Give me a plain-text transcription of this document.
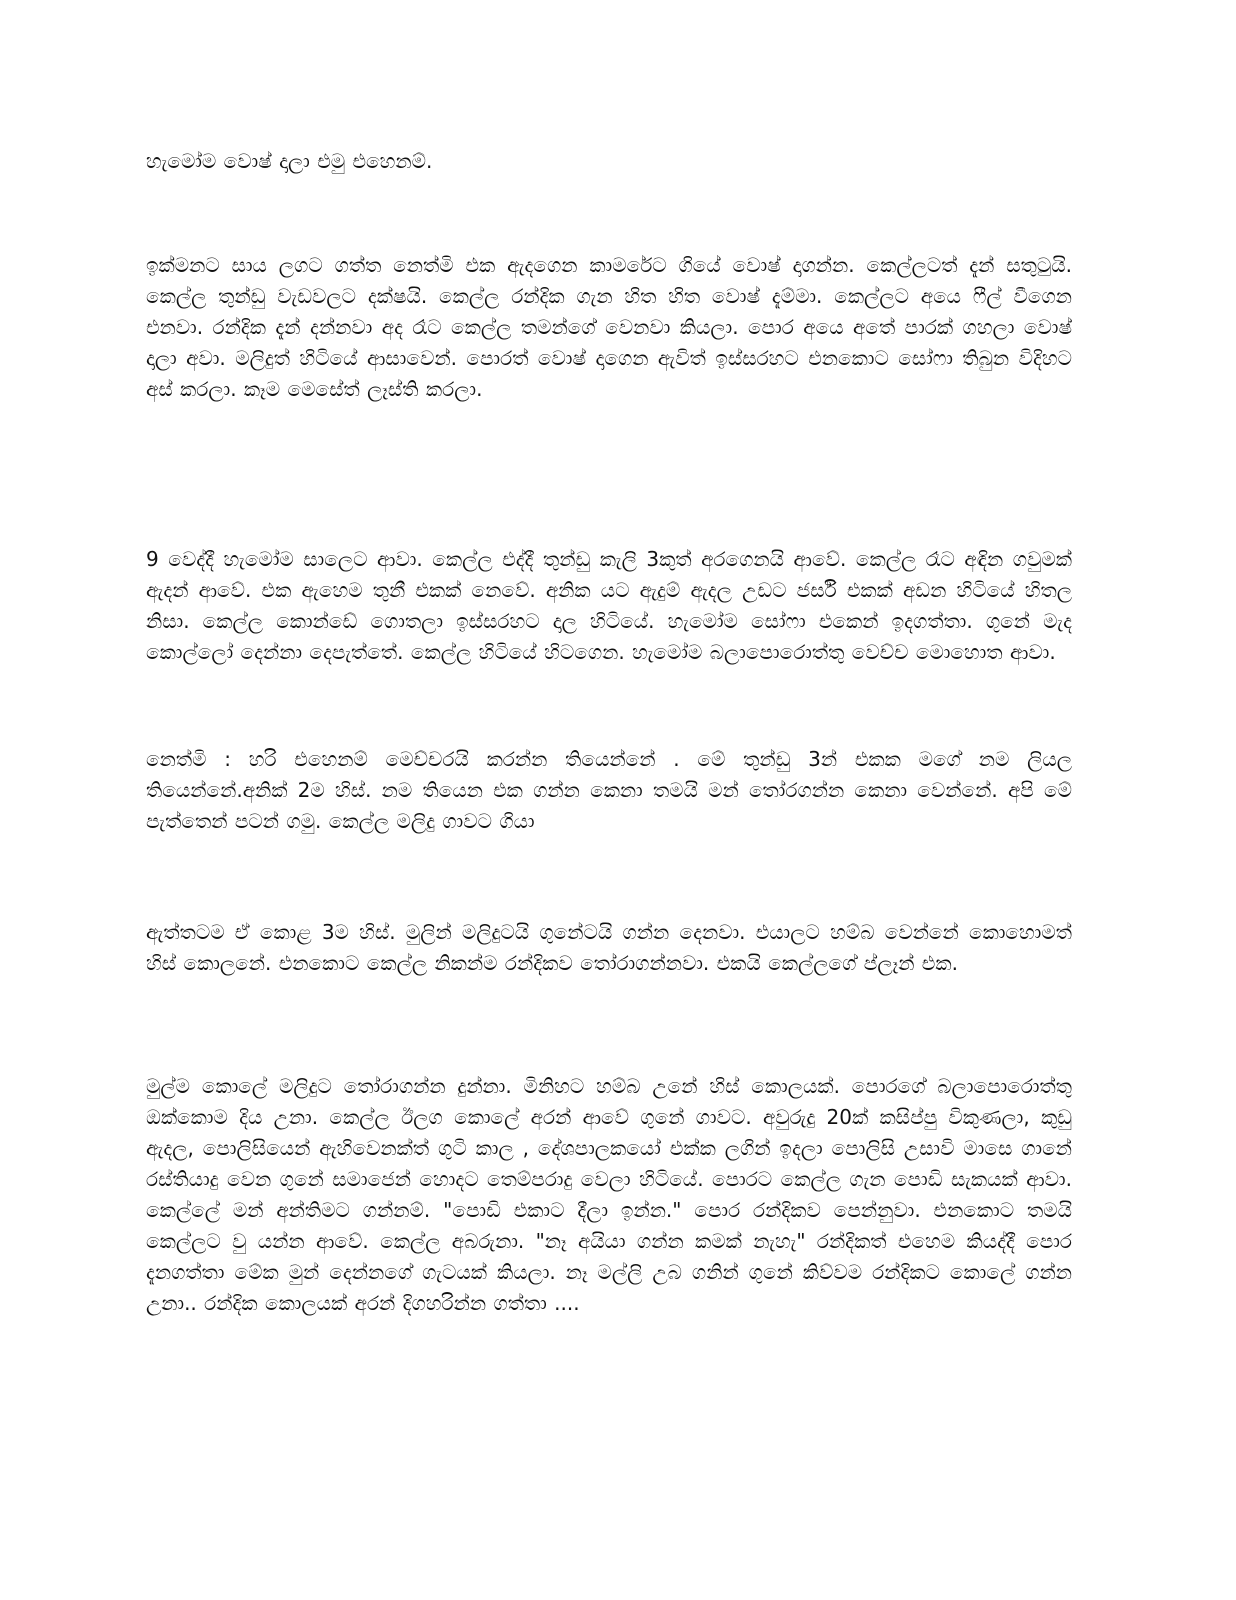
හැමෝම වොෂ් දාලා එමු එහෙනම්.

ඉක්මනට සාය ලගට ගත්ත නෙත්මි එක ඇදගෙන කාමරේට ගියේ වොෂ් දාගන්න. කෙල්ලටත් දැන් සතුටුයි. කෙල්ල තුන්ඩු වැඩවලට දක්ෂයි. කෙල්ල රන්දික ගැන හිත හිත වොෂ් දැම්මා. කෙල්ලට අයෙ ෆීල් වීගෙන එනවා. රන්දික දැන් දන්නවා අද රෑට කෙල්ල තමන්ගේ වෙනවා කියලා. පොර අයෙ අතේ පාරක් ගහලා වොෂ් දාලා අවා. මලිදුත් හිටියේ ආසාවෙන්. පොරත් වොෂ් දාගෙන ඇවිත් ඉස්සරහට එනකොට සෝෆා තිබුන විදිහට අස් කරලා. කෑම මෙසේත් ලෑස්ති කරලා.

9 වෙද්දී හැමෝම සාලෙට ආවා. කෙල්ල එද්දී තුන්ඩු කැලි 3කුත් අරගෙනයි ආවේ. කෙල්ල රෑට අඳින ගවුමක් ඇදන් ආවේ. එක ඇහෙම තුනී එකක් නෙවේ. අනික යට ඇදුම් ඇදල උඩට ජර්සි එකක් අඩන හිටියේ හිතල නිසා. කෙල්ල කොන්ඩේ ගොතලා ඉස්සරහට දාල හිටියේ. හැමෝම සෝෆා එකෙන් ඉදගත්තා. ගුනේ මැද කොල්ලෝ දෙන්නා දෙපැත්තේ. කෙල්ල හිටියේ හිටගෙන. හැමෝම බලාපොරොත්තු වෙච්ච මොහොත ආවා.

නෙත්මි : හරි එහෙනම් මෙච්චරයි කරන්න තියෙන්නේ . මේ තුන්ඩු 3න් එකක මගේ නම ලියල තියෙන්නේ.අනික් 2ම හිස්. නම තියෙන එක ගන්න කෙනා තමයි මන් තෝරගන්න කෙනා වෙන්නේ. අපි මේ පැත්තෙන් පටන් ගමු. කෙල්ල මලිදු ගාවට ගියා

ඇත්තටම ඒ කොළ 3ම හිස්. මුලින් මලිදුටයි ගුනේටයි ගන්න දෙනවා. එයාලට හම්බ වෙන්නේ කොහොමත් හිස් කොලනේ. එනකොට කෙල්ල නිකන්ම රන්දිකව තෝරාගන්නවා. එකයි කෙල්ලගේ ප්ලෑන් එක.

මුල්ම කොලේ මලිදුට තෝරාගන්න දුන්නා. මිනිහට හම්බ උනේ හිස් කොලයක්. පොරගේ බලාපොරොත්තු ඔක්කොම දිය උනා. කෙල්ල ඊලග කොලේ අරන් ආවේ ගුනේ ගාවට. අවුරුදු 20ක් කසිප්පු විකුණලා, කුඩු ඇදල, පොලිසියෙන් ඇහිවෙනක්ත් ගුටි කාල , දේශපාලකයෝ එක්ක ලගින් ඉදලා පොලිසි උසාවි මාසෙ ගානේ රස්තියාදු වෙන ගුනේ සමාජෙන් හොදට තෙම්පරාදු වෙලා හිටියේ. පොරට කෙල්ල ගැන පොඩි සැකයක් ආවා. කෙල්ලේ මන් අන්තිමට ගන්නම්. "පොඩි එකාට දීලා ඉන්න." පොර රන්දිකව පෙන්නුවා. එනකොට තමයි කෙල්ලට වු යන්න ආවේ. කෙල්ල අබරුනා. "නෑ අයියා ගන්න කමක් නැහැ" රන්දිකත් එහෙම කියද්දී පොර දැනගත්තා මේක මුන් දෙන්නගේ ගැටයක් කියලා. නෑ මල්ලි උබ ගනින් ගුනේ කිව්වම රන්දිකට කොලේ ගන්න උනා.. රන්දික කොලයක් අරන් දිගහරින්න ගත්තා ....
